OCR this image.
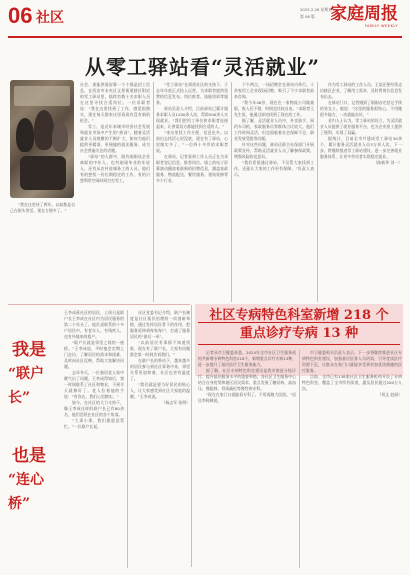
06 社区
2025.2.26 星期五
第 06 版 家庭周报
FAMILY WEEKLY
从零工驿站看“灵活就业”

“我在这里待了两年，以前都是自己在街头等活，现在方便多了。”

社会、准能供需屏幕一个个都是招工信息，在西安市未央区文景街道辖区附近的零工驿站里，陆续有数十名求职人员在这里寻找合适岗位。一位求职者说：“我在这里找到了工作，感觉很踏实，现在每天都来这里看看有没有新的机会。”

零工，是近年来城市经济社会发展和就业市场中产生的“热词”。随着灵活就业人员规模的不断扩大，如何为他们提供更精准、更便捷的就业服务，成为社会普遍关注的话题。

“驿站”的人群中，既有刚刚从企业离职的中年人，也有刚刚毕业的年轻人，还有从农村进城务工的人员。他们有的想找一份长期稳定的工作，有的只想利用空闲时间打打零工。

“零工驿站”在街道社区的支持下，于去年年底正式投入运营，为求职者提供免费的信息发布、岗位推荐、技能培训等服务。

驿站负责人介绍，目前驿站已累计服务求职人员1200余人次，帮助500余人实现就业。“我们把用工单位和求职者连接起来，让供需双方都能找到合适的人。”

“来这里找工作方便，信息也多。以前出去找活心里没底，现在有了驿站，心里踏实多了。”一位四十多岁的求职者说。

在驿站，记者看到工作人员正在为求职者登记信息、推荐岗位。墙上的电子屏幕滚动播放着最新的招聘信息，涵盖家政服务、物流配送、餐饮服务、建筑装修等多个行业。

下午两点，一场招聘会在驿站内举行。十余家用工企业现场招聘，吸引了不少求职者前来咨询。

“我今年46岁，现在在一家物流公司做兼职，收入还不错，时间也比较自由。”求职者王先生说，他通过驿站找到了现在的工作。

据了解，灵活就业人员中，外卖骑手、网约车司机、家政服务员等群体占比较大。他们工作时间灵活，但也面临着社会保障不足、职业发展受限等问题。

针对这些问题，驿站还联合社保部门开展政策宣传，帮助灵活就业人员了解参保政策，增强风险防范意识。

“我们希望通过驿站，不仅帮大家找到工作，还能让大家的工作更有保障。”负责人表示。

作为零工驿站的工作人员，王某还要经常走访辖区企业，了解用工需求，及时将岗位信息发布出去。

在驿站门口，记者遇到了刚刚办完登记手续的张女士。她说：“这里的服务很贴心，不用跑很多地方，一次就能办好。”

业内人士认为，零工驿站的设立，为灵活就业人员提供了就业服务平台，也为企业招工提供了便利，实现了双赢。

据统计，目前全市共建成零工驿站30余个，累计服务灵活就业人员3万余人次。下一步，将继续推进零工驿站建设，进一步完善就业服务体系，让更多劳动者实现稳定就业。

（陈新华 刘一）

我是
“联户长”
也是
“连心桥”

王李成蒋社区的居民，上周日是联户长王李成在社区内为居民服务的第二个年头了。他负责联系的十多户居民中，有老年人、有残疾人，也有外地来的租户。

“联户长就是邻里之间的一座桥。”王李成说，平时他会定期上门走访，了解居民的需求和困难，及时向社区反映，帮助大家解决问题。

去年冬天，一位独居老人家中暖气出了问题，王李成得知后，第一时间联系了社区和物业，不到半天就修好了。老人拉着他的手说：“有你在，我们心里踏实。”

如今，在社区的大力支持下，像王李成这样的联户长已有80余名，他们活跃在社区的各个角落。

“大事小事，我们都愿意帮忙。”一位联户长说。

社区党委书记介绍，联户长制度是社区基层治理的一项创新举措，通过发挥居民骨干的作用，把服务延伸到每家每户，打通了服务居民的“最后一米”。

“以前居民有事情不知道找谁，现在有了联户长，大家有问题都会第一时间告诉我们。”

在联户长的带动下，越来越多的居民参与到社区事务中来，邻里关系更加和谐，社区也更有温度了。

“我们就是要当好居民的贴心人，让大家感受到社区大家庭的温暖。”王李成说。

（杨志军 张明）

社区专病特色科室新增 218 个
重点诊疗专病 13 种

记者从市卫健委获悉，2024年全市社区卫生服务机构共新增专病特色科室218个，新增重点诊疗专病13种，进一步提升了基层医疗卫生服务能力。

据了解，社区专病特色科室建设是我市推进分级诊疗、提升基层服务水平的重要举措。各社区卫生服务中心结合自身优势和辖区居民需求，重点发展了糖尿病、高血压、慢阻肺、骨质疏松等慢性病专科。

“现在在家门口就能看专科了，不用再跑大医院。”居民李阿姨说。

市卫健委相关负责人表示，下一步将继续推进社区专病特色科室建设，加强基层医务人员培训，引导优质医疗资源下沉，让群众在家门口就能享受到更加优质便捷的医疗服务。

目前，全市已有138家社区卫生服务机构开设了专病特色科室，覆盖了全市所有街道，惠及居民超过200万人次。

（刘文 赵丽）
